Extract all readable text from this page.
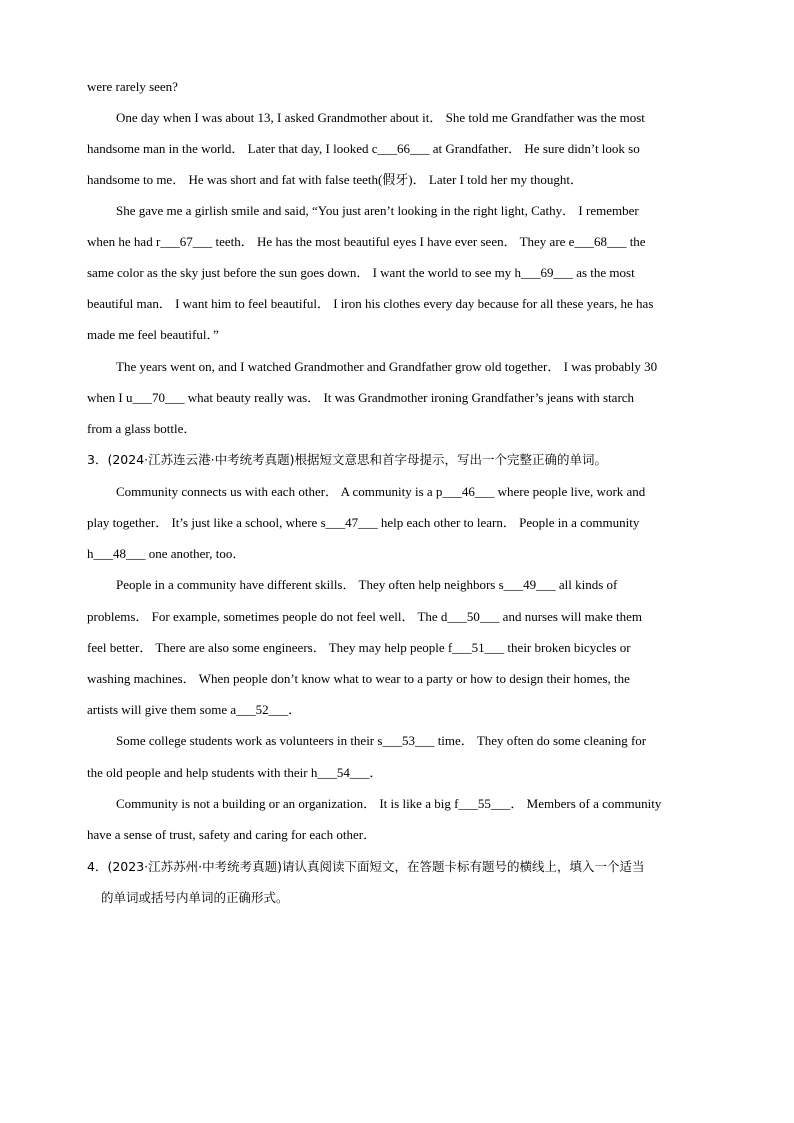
were rarely seen?
One day when I was about 13, I asked Grandmother about it． She told me Grandfather was the most
handsome man in the world． Later that day, I looked c___66___ at Grandfather． He sure didn’t look so
handsome to me． He was short and fat with false teeth(假牙)． Later I told her my thought．
She gave me a girlish smile and said, “You just aren’t looking in the right light, Cathy． I remember
when he had r___67___ teeth． He has the most beautiful eyes I have ever seen． They are e___68___ the
same color as the sky just before the sun goes down． I want the world to see my h___69___ as the most
beautiful man． I want him to feel beautiful． I iron his clothes every day because for all these years, he has
made me feel beautiful．”
The years went on, and I watched Grandmother and Grandfather grow old together． I was probably 30
when I u___70___ what beauty really was． It was Grandmother ironing Grandfather’s jeans with starch
from a glass bottle．
3．(2024·江苏连云港·中考统考真题)根据短文意思和首字母提示，写出一个完整正确的单词。
Community connects us with each other． A community is a p___46___ where people live, work and
play together． It’s just like a school, where s___47___ help each other to learn． People in a community
h___48___ one another, too．
People in a community have different skills． They often help neighbors s___49___ all kinds of
problems． For example, sometimes people do not feel well． The d___50___ and nurses will make them
feel better． There are also some engineers． They may help people f___51___ their broken bicycles or
washing machines． When people don’t know what to wear to a party or how to design their homes, the
artists will give them some a___52___．
Some college students work as volunteers in their s___53___ time． They often do some cleaning for
the old people and help students with their h___54___．
Community is not a building or an organization． It is like a big f___55___． Members of a community
have a sense of trust, safety and caring for each other．
4．(2023·江苏苏州·中考统考真题)请认真阅读下面短文，在答题卡标有题号的横线上，填入一个适当
的单词或括号内单词的正确形式。
